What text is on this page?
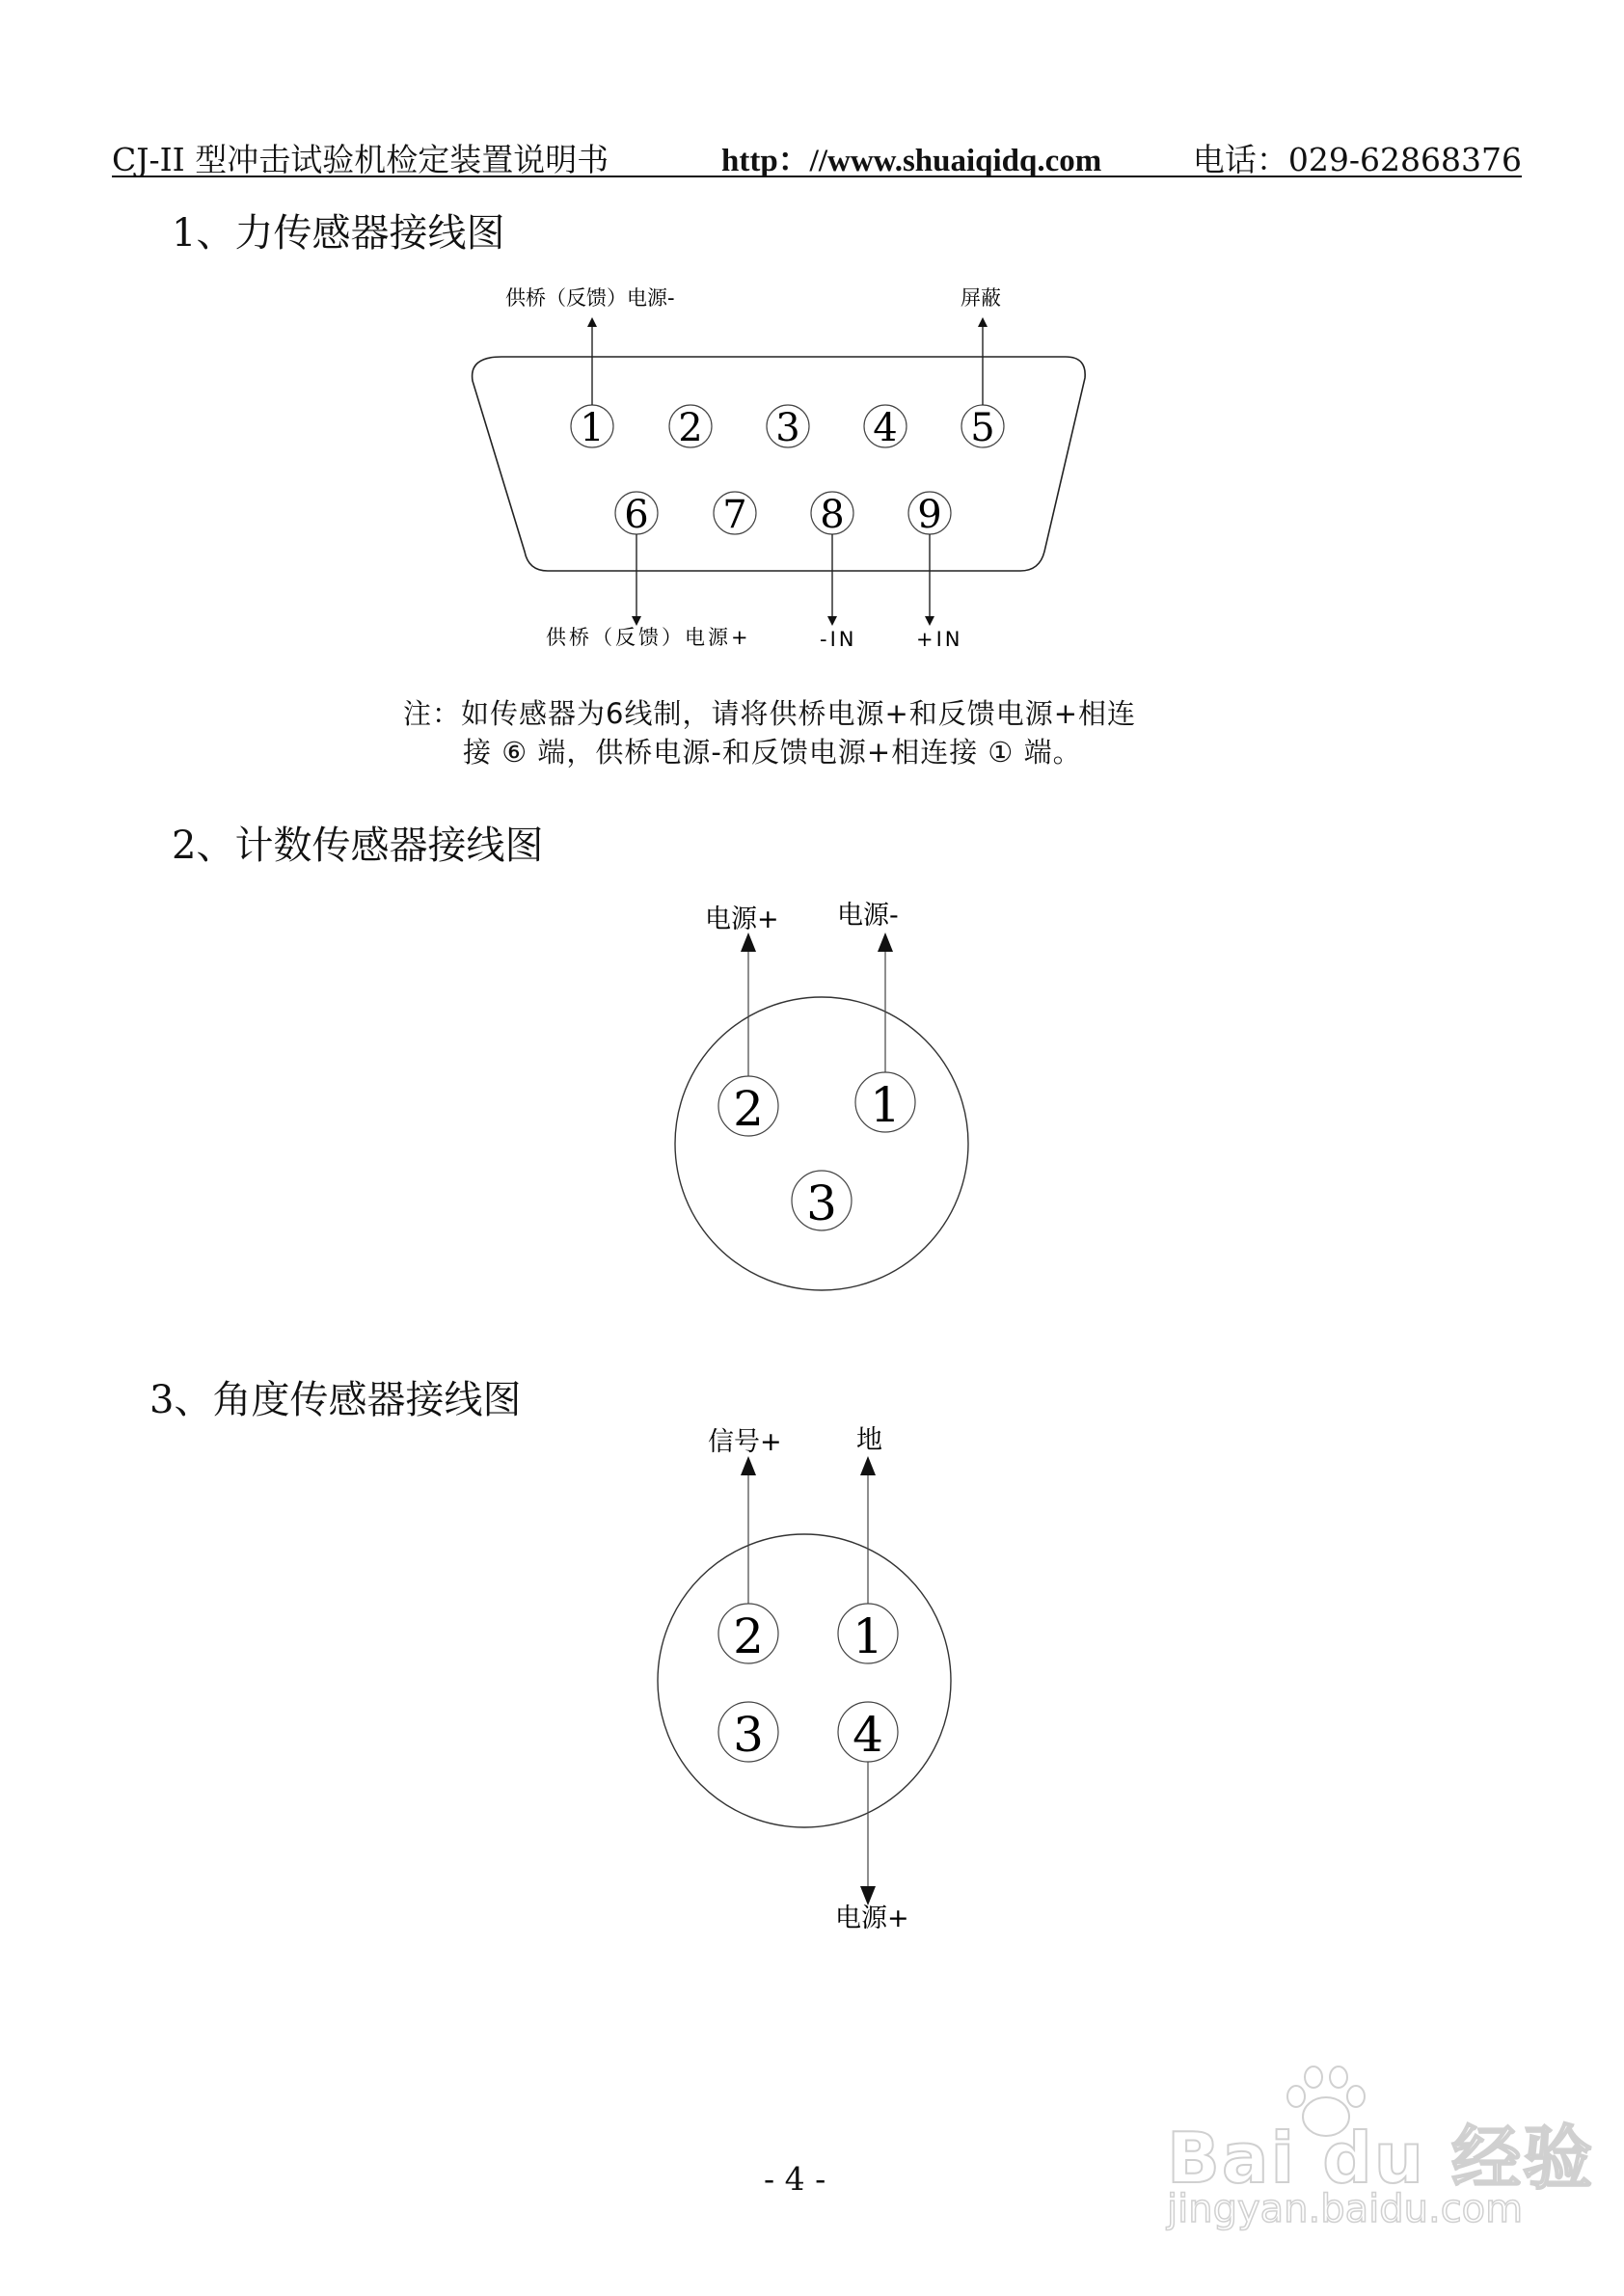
CJ-II 型冲击试验机检定装置说明书	http：//www.shuaiqidq.com	电话：029-62868376
1、力传感器接线图
2、计数传感器接线图
3、角度传感器接线图
1 2 3 4 5
6 7 8 9
供桥（反馈）电源-	屏蔽
供桥（反馈）电源+	-IN	+IN
2 1
3
电源+ 电源-
2 1
3 4
信号+	地
电源+
注：如传感器为6线制，请将供桥电源+和反馈电源+相连
接 ⑥ 端，供桥电源-和反馈电源+相连接 ① 端。
- 4 -	Bai du 经验
jingyan.baidu.com
